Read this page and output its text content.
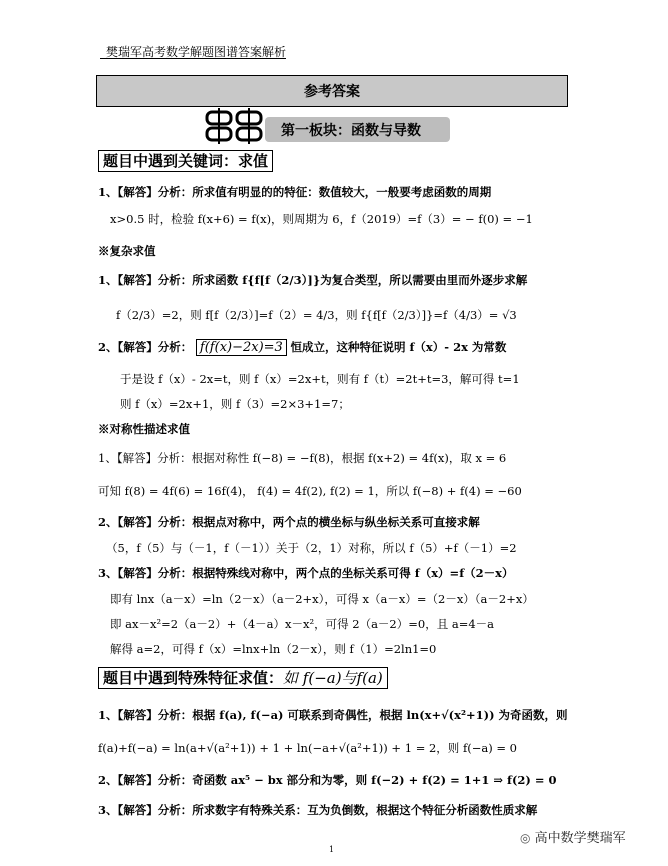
樊瑞军高考数学解题图谱答案解析
参考答案
第一板块：函数与导数
题目中遇到关键词：求值
1、【解答】分析：所求值有明显的的特征：数值较大，一般要考虑函数的周期
x>0.5 时，检验 f(x+6) = f(x)，则周期为 6，f（2019）=f（3）= − f(0) = −1
※复杂求值
1、【解答】分析：所求函数 f{f[f（2/3）]}为复合类型，所以需要由里而外逐步求解
f（2/3）=2，则 f[f（2/3）]=f（2）= 4/3，则 f{f[f（2/3）]}=f（4/3）= √3
2、【解答】分析： f(f(x)−2x)=3 恒成立，这种特征说明 f（x）- 2x 为常数
于是设 f（x）- 2x=t，则 f（x）=2x+t，则有 f（t）=2t+t=3，解可得 t=1
则 f（x）=2x+1，则 f（3）=2×3+1=7；
※对称性描述求值
1、【解答】分析：根据对称性 f(−8) = −f(8)，根据 f(x+2) = 4f(x)，取 x = 6
可知 f(8) = 4f(6) = 16f(4)， f(4) = 4f(2), f(2) = 1，所以 f(−8) + f(4) = −60
2、【解答】分析：根据点对称中，两个点的横坐标与纵坐标关系可直接求解
（5，f（5）与（－1，f（－1））关于（2，1）对称，所以 f（5）+f（－1）=2
3、【解答】分析：根据特殊线对称中，两个点的坐标关系可得 f（x）=f（2－x）
即有 lnx（a－x）=ln（2－x）（a－2+x），可得 x（a－x）=（2－x）（a－2+x）
即 ax－x²=2（a－2）+（4－a）x－x²，可得 2（a－2）=0，且 a=4－a
解得 a=2，可得 f（x）=lnx+ln（2－x），则 f（1）=2ln1=0
题目中遇到特殊特征求值：如 f(−a)与f(a)
1、【解答】分析：根据 f(a), f(−a) 可联系到奇偶性，根据 ln(x+√(x²+1)) 为奇函数，则
f(a)+f(−a) = ln(a+√(a²+1)) + 1 + ln(−a+√(a²+1)) + 1 = 2，则 f(−a) = 0
2、【解答】分析：奇函数 ax⁵ − bx 部分和为零，则 f(−2) + f(2) = 1+1 ⇒ f(2) = 0
3、【解答】分析：所求数字有特殊关系：互为负倒数，根据这个特征分析函数性质求解
◎ 高中数学樊瑞军
1
